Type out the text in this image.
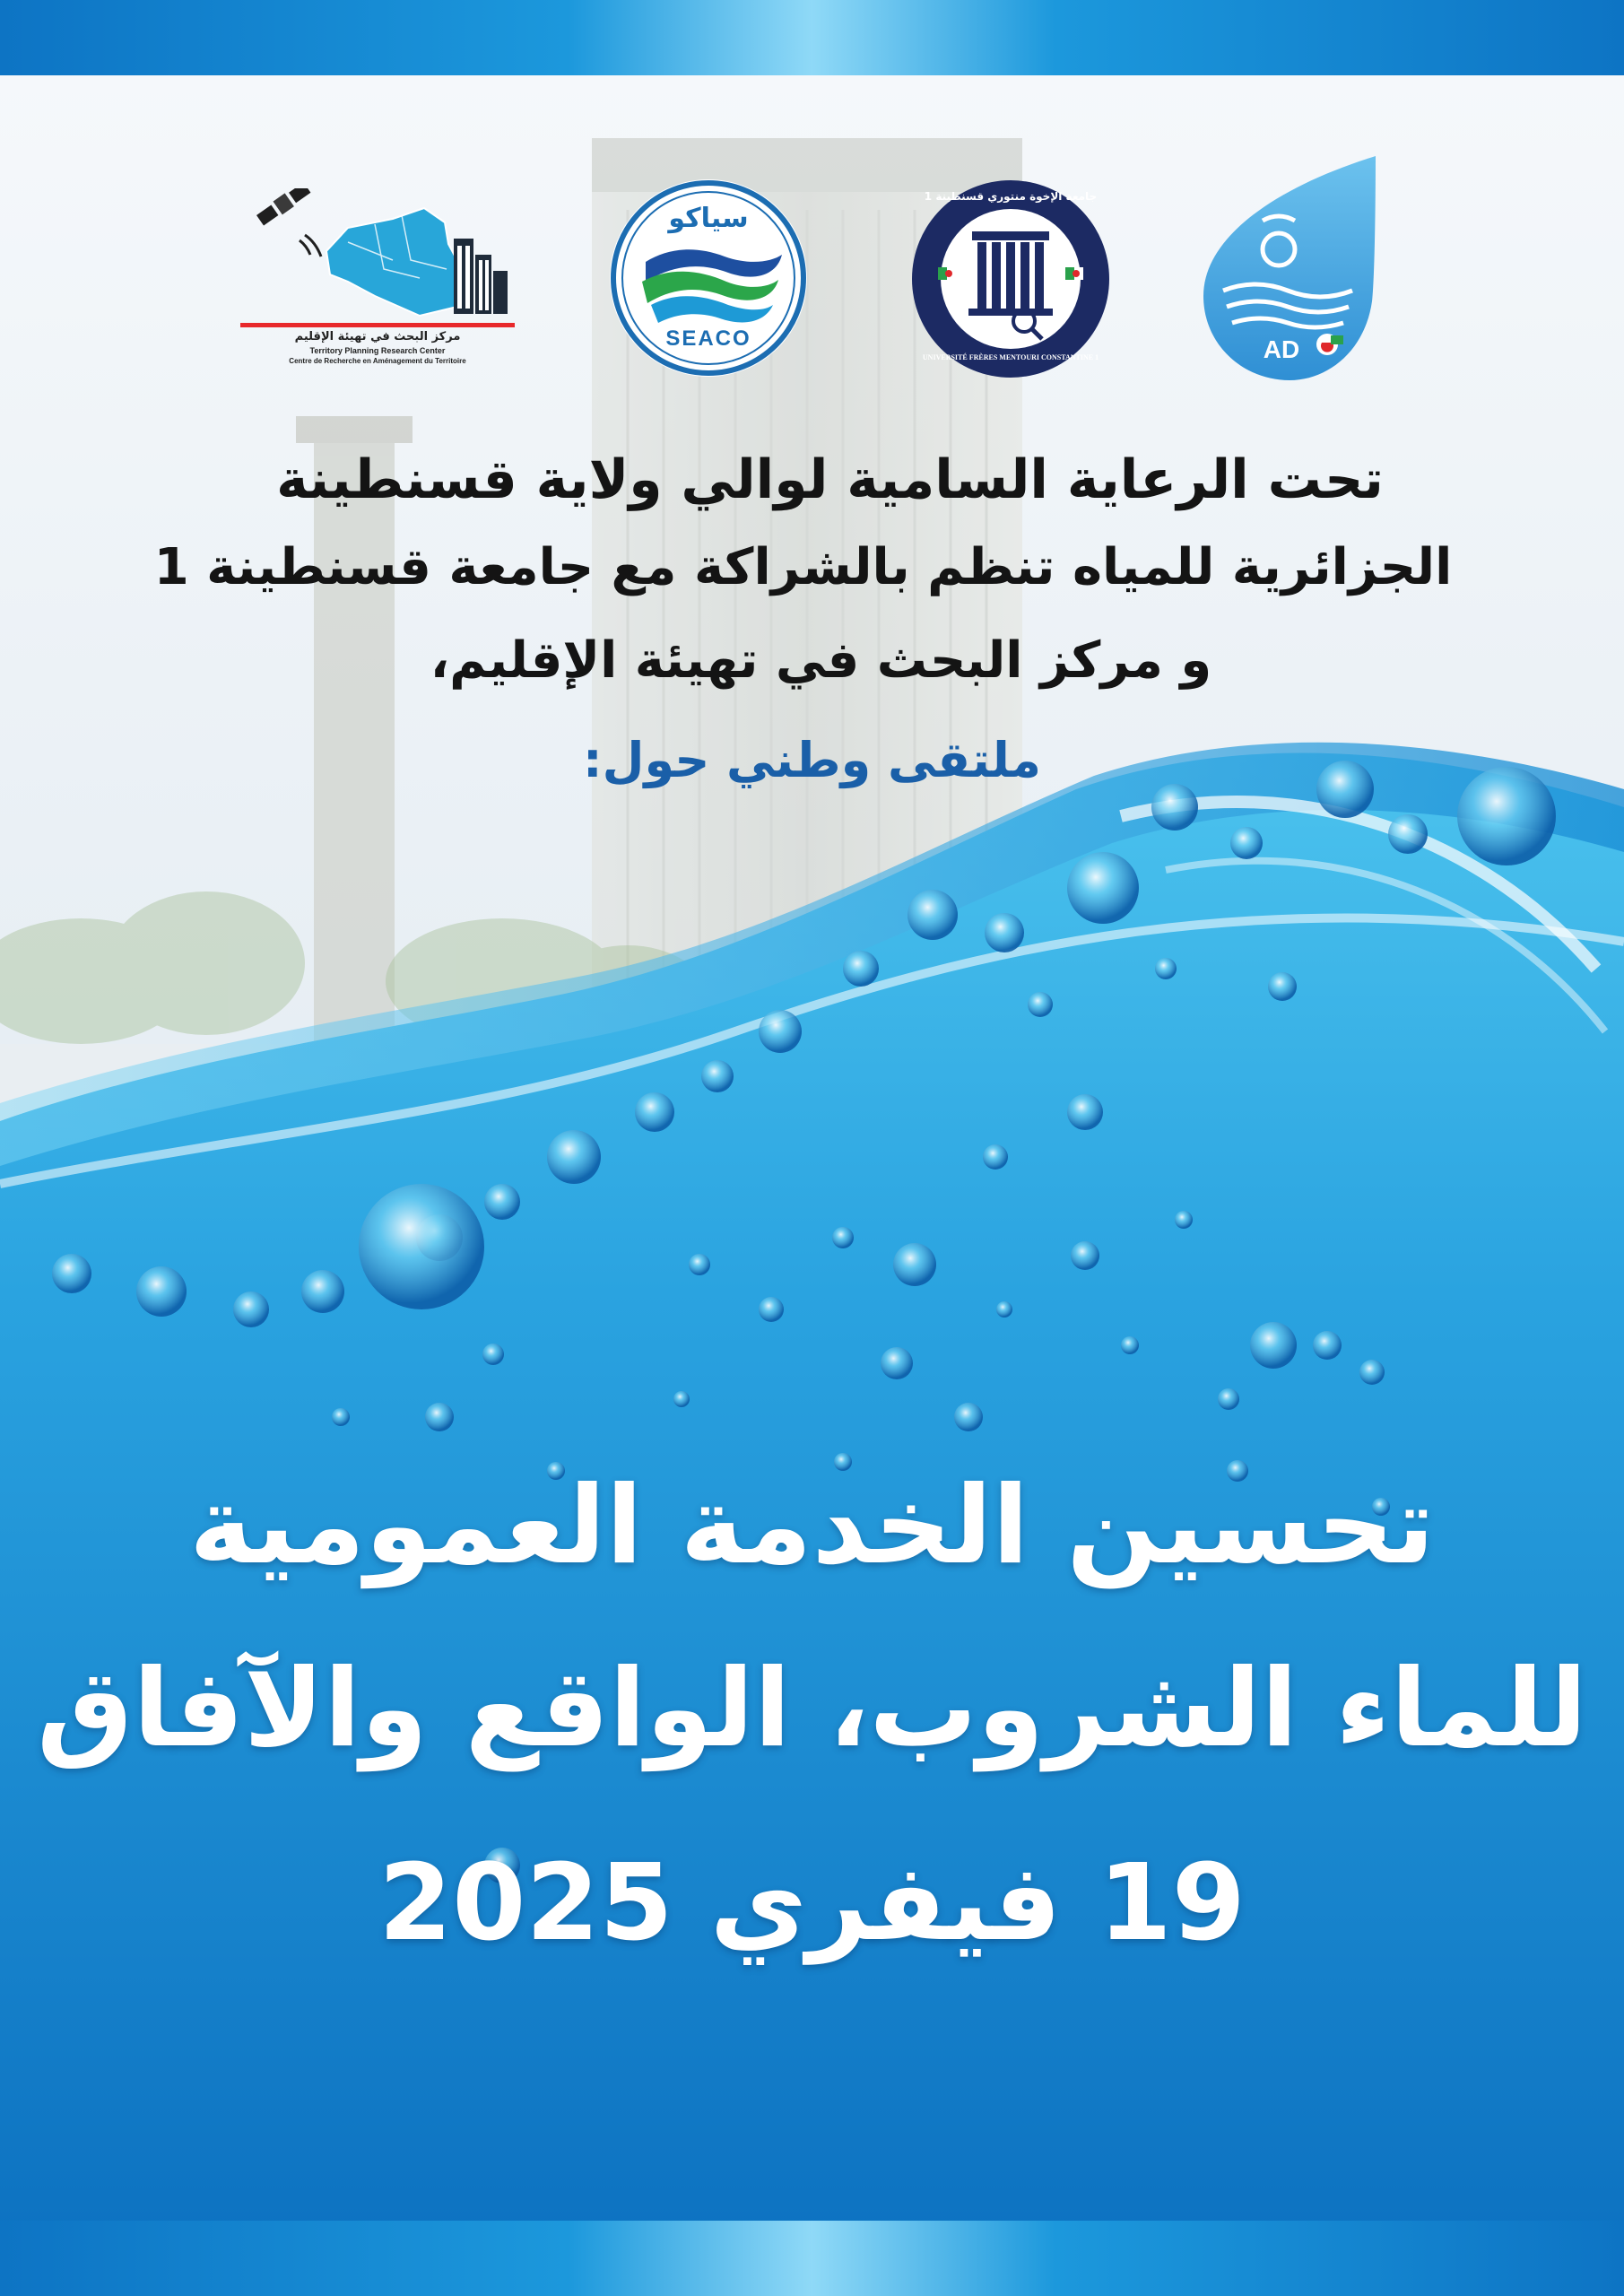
مركز البحث في تهيئة الإقليم
Territory Planning Research Center
Centre de Recherche en Aménagement du Territoire
سياكو
SEACO
جامعة الإخوة منتوري قسنطينة 1
UNIVERSITÉ FRÈRES MENTOURI CONSTANTINE 1	AD
تحت الرعاية السامية لوالي ولاية قسنطينة
الجزائرية للمياه تنظم بالشراكة مع جامعة قسنطينة 1
و مركز البحث في تهيئة الإقليم،
ملتقى وطني حول:
تحسين الخدمة العمومية
للماء الشروب، الواقع والآفاق
19 فيفري 2025
